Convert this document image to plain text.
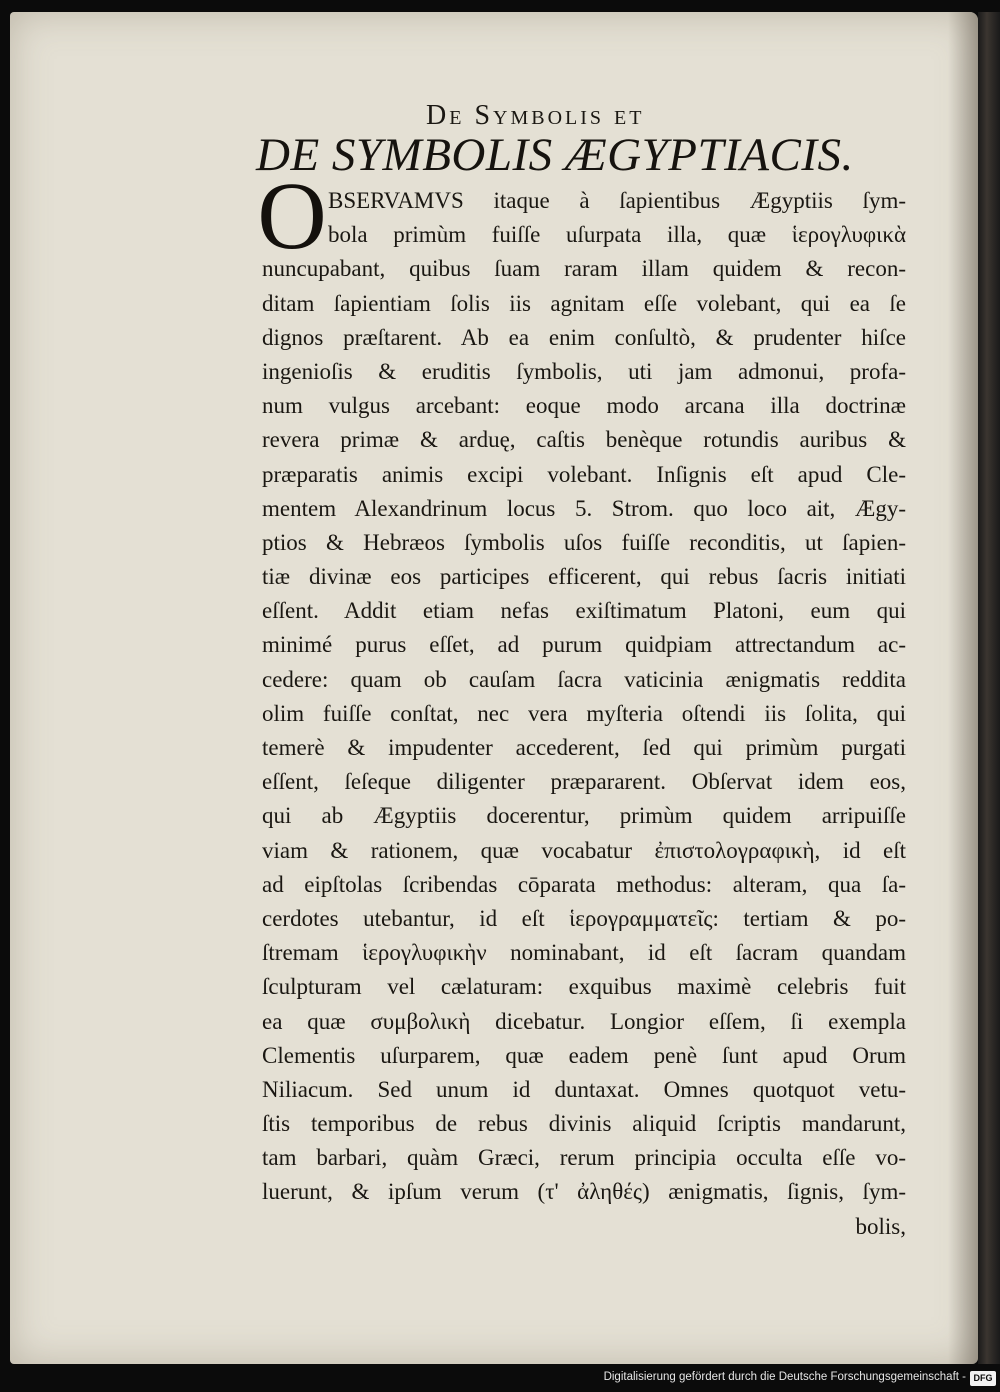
De Symbolis et
DE SYMBOLIS ÆGYPTIACIS.
O BSERVAMVS itaque à ſapientibus Ægyptiis ſym-
bola primùm fuiſſe uſurpata illa, quæ ἱερογλυφικὰ
nuncupabant, quibus ſuam raram illam quidem & recon-
ditam ſapientiam ſolis iis agnitam eſſe volebant, qui ea ſe
dignos præſtarent. Ab ea enim conſultò, & prudenter hiſce
ingenioſis & eruditis ſymbolis, uti jam admonui, profa-
num vulgus arcebant: eoque modo arcana illa doctrinæ
revera primæ & arduę, caſtis benèque rotundis auribus &
præparatis animis excipi volebant. Inſignis eſt apud Cle-
mentem Alexandrinum locus 5. Strom. quo loco ait, Ægy-
ptios & Hebræos ſymbolis uſos fuiſſe reconditis, ut ſapien-
tiæ divinæ eos participes efficerent, qui rebus ſacris initiati
eſſent. Addit etiam nefas exiſtimatum Platoni, eum qui
minimé purus eſſet, ad purum quidpiam attrectandum ac-
cedere: quam ob cauſam ſacra vaticinia ænigmatis reddita
olim fuiſſe conſtat, nec vera myſteria oſtendi iis ſolita, qui
temerè & impudenter accederent, ſed qui primùm purgati
eſſent, ſeſeque diligenter præpararent. Obſervat idem eos,
qui ab Ægyptiis docerentur, primùm quidem arripuiſſe
viam & rationem, quæ vocabatur ἐπιστολογραφικὴ, id eſt
ad eipſtolas ſcribendas cōparata methodus: alteram, qua ſa-
cerdotes utebantur, id eſt ἱερογραμματεῖς: tertiam & po-
ſtremam ἱερογλυφικὴν nominabant, id eſt ſacram quandam
ſculpturam vel cælaturam: exquibus maximè celebris fuit
ea quæ συμβολικὴ dicebatur. Longior eſſem, ſi exempla
Clementis uſurparem, quæ eadem penè ſunt apud Orum
Niliacum. Sed unum id duntaxat. Omnes quotquot vetu-
ſtis temporibus de rebus divinis aliquid ſcriptis mandarunt,
tam barbari, quàm Græci, rerum principia occulta eſſe vo-
luerunt, & ipſum verum (τ' ἀληθές) ænigmatis, ſignis, ſym-
bolis,
Digitalisierung gefördert durch die Deutsche Forschungsgemeinschaft - DFG
